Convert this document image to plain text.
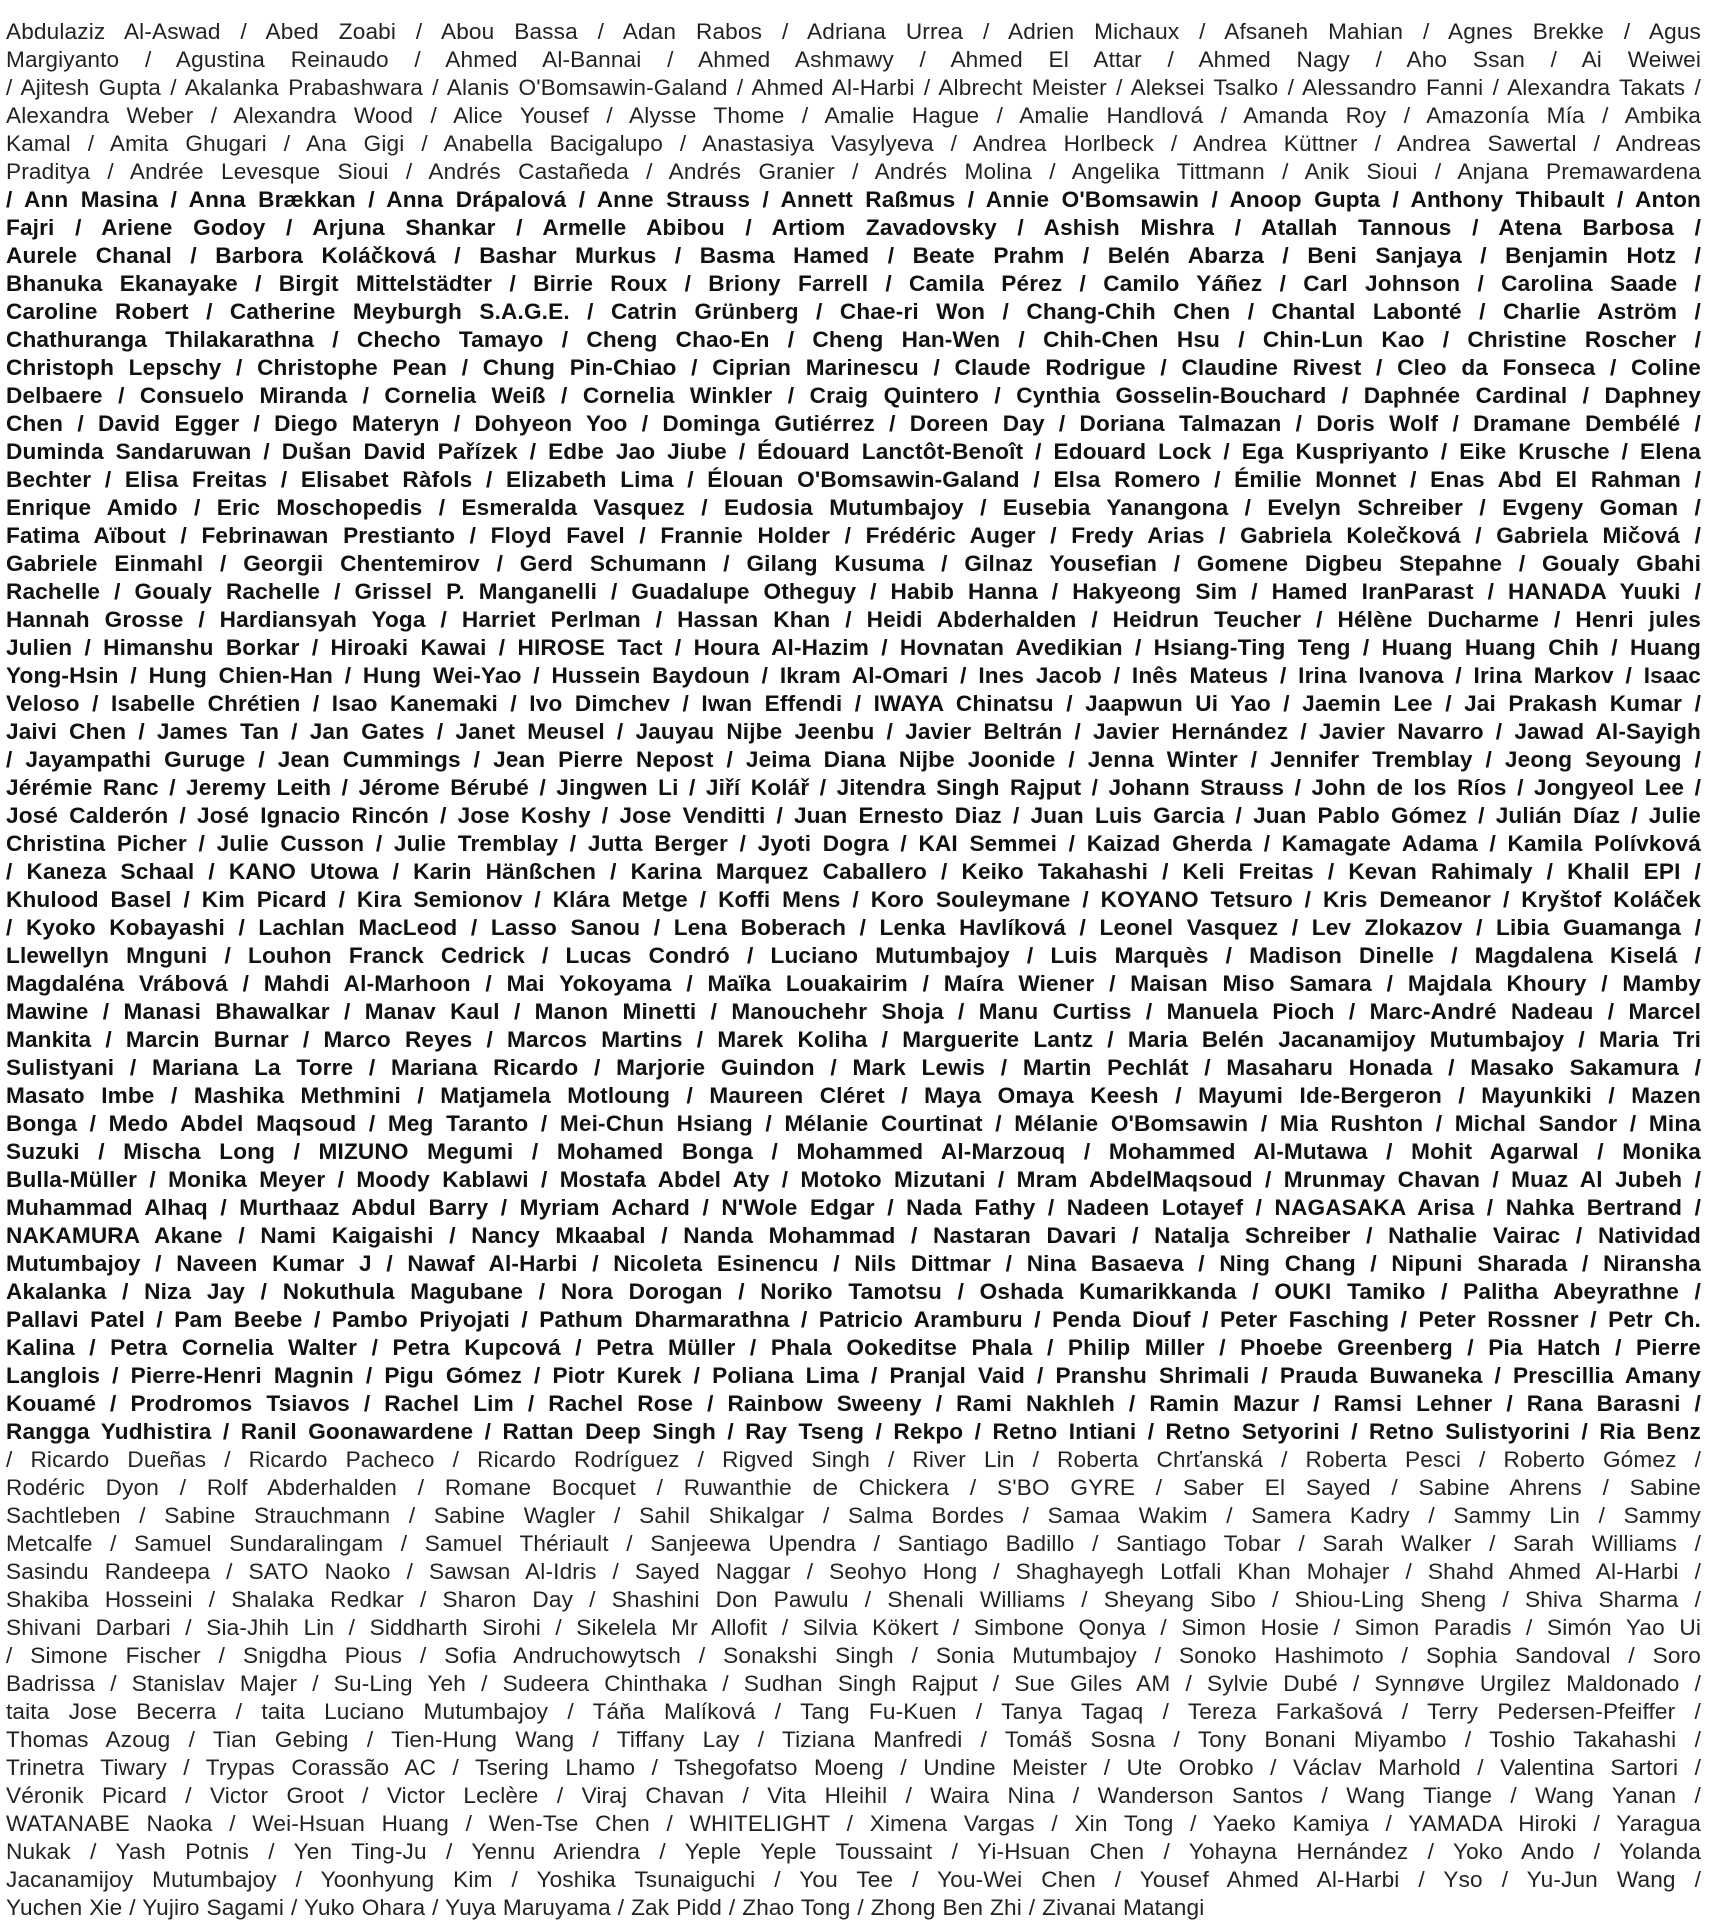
Abdulaziz Al-Aswad / Abed Zoabi / Abou Bassa / Adan Rabos / Adriana Urrea / Adrien Michaux / Afsaneh Mahian / Agnes Brekke / Agus
Margiyanto / Agustina Reinaudo / Ahmed Al-Bannai / Ahmed Ashmawy / Ahmed El Attar / Ahmed Nagy / Aho Ssan / Ai Weiwei
/ Ajitesh Gupta / Akalanka Prabashwara / Alanis O'Bomsawin-Galand / Ahmed Al-Harbi / Albrecht Meister / Aleksei Tsalko / Alessandro Fanni / Alexandra Takats /
Alexandra Weber / Alexandra Wood / Alice Yousef / Alysse Thome / Amalie Hague / Amalie Handlová / Amanda Roy / Amazonía Mía / Ambika
Kamal / Amita Ghugari / Ana Gigi / Anabella Bacigalupo / Anastasiya Vasylyeva / Andrea Horlbeck / Andrea Küttner / Andrea Sawertal / Andreas
Praditya / Andrée Levesque Sioui / Andrés Castañeda / Andrés Granier / Andrés Molina / Angelika Tittmann / Anik Sioui / Anjana Premawardena
/ Ann Masina / Anna Brækkan / Anna Drápalová / Anne Strauss / Annett Raßmus / Annie O'Bomsawin / Anoop Gupta / Anthony Thibault / Anton
Fajri / Ariene Godoy / Arjuna Shankar / Armelle Abibou / Artiom Zavadovsky / Ashish Mishra / Atallah Tannous / Atena Barbosa /
Aurele Chanal / Barbora Koláčková / Bashar Murkus / Basma Hamed / Beate Prahm / Belén Abarza / Beni Sanjaya / Benjamin Hotz /
Bhanuka Ekanayake / Birgit Mittelstädter / Birrie Roux / Briony Farrell / Camila Pérez / Camilo Yáñez / Carl Johnson / Carolina Saade /
Caroline Robert / Catherine Meyburgh S.A.G.E. / Catrin Grünberg / Chae-ri Won / Chang-Chih Chen / Chantal Labonté / Charlie Aström /
Chathuranga Thilakarathna / Checho Tamayo / Cheng Chao-En / Cheng Han-Wen / Chih-Chen Hsu / Chin-Lun Kao / Christine Roscher /
Christoph Lepschy / Christophe Pean / Chung Pin-Chiao / Ciprian Marinescu / Claude Rodrigue / Claudine Rivest / Cleo da Fonseca / Coline
Delbaere / Consuelo Miranda / Cornelia Weiß / Cornelia Winkler / Craig Quintero / Cynthia Gosselin-Bouchard / Daphnée Cardinal / Daphney
Chen / David Egger / Diego Materyn / Dohyeon Yoo / Dominga Gutiérrez / Doreen Day / Doriana Talmazan / Doris Wolf / Dramane Dembélé /
Duminda Sandaruwan / Dušan David Pařízek / Edbe Jao Jiube / Édouard Lanctôt-Benoît / Edouard Lock / Ega Kuspriyanto / Eike Krusche / Elena
Bechter / Elisa Freitas / Elisabet Ràfols / Elizabeth Lima / Élouan O'Bomsawin-Galand / Elsa Romero / Émilie Monnet / Enas Abd El Rahman /
Enrique Amido / Eric Moschopedis / Esmeralda Vasquez / Eudosia Mutumbajoy / Eusebia Yanangona / Evelyn Schreiber / Evgeny Goman /
Fatima Aïbout / Febrinawan Prestianto / Floyd Favel / Frannie Holder / Frédéric Auger / Fredy Arias / Gabriela Kolečková / Gabriela Mičová /
Gabriele Einmahl / Georgii Chentemirov / Gerd Schumann / Gilang Kusuma / Gilnaz Yousefian / Gomene Digbeu Stepahne / Goualy Gbahi
Rachelle / Goualy Rachelle / Grissel P. Manganelli / Guadalupe Otheguy / Habib Hanna / Hakyeong Sim / Hamed IranParast / HANADA Yuuki /
Hannah Grosse / Hardiansyah Yoga / Harriet Perlman / Hassan Khan / Heidi Abderhalden / Heidrun Teucher / Hélène Ducharme / Henri jules
Julien / Himanshu Borkar / Hiroaki Kawai / HIROSE Tact / Houra Al-Hazim / Hovnatan Avedikian / Hsiang-Ting Teng / Huang Huang Chih / Huang
Yong-Hsin / Hung Chien-Han / Hung Wei-Yao / Hussein Baydoun / Ikram Al-Omari / Ines Jacob / Inês Mateus / Irina Ivanova / Irina Markov / Isaac
Veloso / Isabelle Chrétien / Isao Kanemaki / Ivo Dimchev / Iwan Effendi / IWAYA Chinatsu / Jaapwun Ui Yao / Jaemin Lee / Jai Prakash Kumar /
Jaivi Chen / James Tan / Jan Gates / Janet Meusel / Jauyau Nijbe Jeenbu / Javier Beltrán / Javier Hernández / Javier Navarro / Jawad Al-Sayigh
/ Jayampathi Guruge / Jean Cummings / Jean Pierre Nepost / Jeima Diana Nijbe Joonide / Jenna Winter / Jennifer Tremblay / Jeong Seyoung /
Jérémie Ranc / Jeremy Leith / Jérome Bérubé / Jingwen Li / Jiří Kolář / Jitendra Singh Rajput / Johann Strauss / John de los Ríos / Jongyeol Lee /
José Calderón / José Ignacio Rincón / Jose Koshy / Jose Venditti / Juan Ernesto Diaz / Juan Luis Garcia / Juan Pablo Gómez / Julián Díaz / Julie
Christina Picher / Julie Cusson / Julie Tremblay / Jutta Berger / Jyoti Dogra / KAI Semmei / Kaizad Gherda / Kamagate Adama / Kamila Polívková
/ Kaneza Schaal / KANO Utowa / Karin Hänßchen / Karina Marquez Caballero / Keiko Takahashi / Keli Freitas / Kevan Rahimaly / Khalil EPI /
Khulood Basel / Kim Picard / Kira Semionov / Klára Metge / Koffi Mens / Koro Souleymane / KOYANO Tetsuro / Kris Demeanor / Kryštof Koláček
/ Kyoko Kobayashi / Lachlan MacLeod / Lasso Sanou / Lena Boberach / Lenka Havlíková / Leonel Vasquez / Lev Zlokazov / Libia Guamanga /
Llewellyn Mnguni / Louhon Franck Cedrick / Lucas Condró / Luciano Mutumbajoy / Luis Marquès / Madison Dinelle / Magdalena Kiselá /
Magdaléna Vrábová / Mahdi Al-Marhoon / Mai Yokoyama / Maïka Louakairim / Maíra Wiener / Maisan Miso Samara / Majdala Khoury / Mamby
Mawine / Manasi Bhawalkar / Manav Kaul / Manon Minetti / Manouchehr Shoja / Manu Curtiss / Manuela Pioch / Marc-André Nadeau / Marcel
Mankita / Marcin Burnar / Marco Reyes / Marcos Martins / Marek Koliha / Marguerite Lantz / Maria Belén Jacanamijoy Mutumbajoy / Maria Tri
Sulistyani / Mariana La Torre / Mariana Ricardo / Marjorie Guindon / Mark Lewis / Martin Pechlát / Masaharu Honada / Masako Sakamura /
Masato Imbe / Mashika Methmini / Matjamela Motloung / Maureen Cléret / Maya Omaya Keesh / Mayumi Ide-Bergeron / Mayunkiki / Mazen
Bonga / Medo Abdel Maqsoud / Meg Taranto / Mei-Chun Hsiang / Mélanie Courtinat / Mélanie O'Bomsawin / Mia Rushton / Michal Sandor / Mina
Suzuki / Mischa Long / MIZUNO Megumi / Mohamed Bonga / Mohammed Al-Marzouq / Mohammed Al-Mutawa / Mohit Agarwal / Monika
Bulla-Müller / Monika Meyer / Moody Kablawi / Mostafa Abdel Aty / Motoko Mizutani / Mram AbdelMaqsoud / Mrunmay Chavan / Muaz Al Jubeh /
Muhammad Alhaq / Murthaaz Abdul Barry / Myriam Achard / N'Wole Edgar / Nada Fathy / Nadeen Lotayef / NAGASAKA Arisa / Nahka Bertrand /
NAKAMURA Akane / Nami Kaigaishi / Nancy Mkaabal / Nanda Mohammad / Nastaran Davari / Natalja Schreiber / Nathalie Vairac / Natividad
Mutumbajoy / Naveen Kumar J / Nawaf Al-Harbi / Nicoleta Esinencu / Nils Dittmar / Nina Basaeva / Ning Chang / Nipuni Sharada / Niranshа
Akalanka / Niza Jay / Nokuthula Magubane / Nora Dorogan / Noriko Tamotsu / Oshada Kumarikkanda / OUKI Tamiko / Palitha Abeyrathne /
Pallavi Patel / Pam Beebe / Pambo Priyojati / Pathum Dharmarathna / Patricio Aramburu / Penda Diouf / Peter Fasching / Peter Rossner / Petr Ch.
Kalina / Petra Cornelia Walter / Petra Kupcová / Petra Müller / Phala Ookeditse Phala / Philip Miller / Phoebe Greenberg / Pia Hatch / Pierre
Langlois / Pierre-Henri Magnin / Pigu Gómez / Piotr Kurek / Poliana Lima / Pranjal Vaid / Pranshu Shrimali / Prauda Buwaneka / Prescillia Amany
Kouamé / Prodromos Tsiavos / Rachel Lim / Rachel Rose / Rainbow Sweeny / Rami Nakhleh / Ramin Mazur / Ramsi Lehner / Rana Barasni /
Rangga Yudhistira / Ranil Goonawardene / Rattan Deep Singh / Ray Tseng / Rekpo / Retno Intiani / Retno Setyorini / Retno Sulistyorini / Ria Benz
/ Ricardo Dueñas / Ricardo Pacheco / Ricardo Rodríguez / Rigved Singh / River Lin / Roberta Chrťanská / Roberta Pesci / Roberto Gómez /
Rodéric Dyon / Rolf Abderhalden / Romane Bocquet / Ruwanthie de Chickera / S'BO GYRE / Saber El Sayed / Sabine Ahrens / Sabine
Sachtleben / Sabine Strauchmann / Sabine Wagler / Sahil Shikalgar / Salma Bordes / Samaa Wakim / Samera Kadry / Sammy Lin / Sammy
Metcalfe / Samuel Sundaralingam / Samuel Thériault / Sanjeewa Upendra / Santiago Badillo / Santiago Tobar / Sarah Walker / Sarah Williams /
Sasindu Randeepa / SATO Naoko / Sawsan Al-Idris / Sayed Naggar / Seohyo Hong / Shaghayegh Lotfali Khan Mohajer / Shahd Ahmed Al-Harbi /
Shakiba Hosseini / Shalaka Redkar / Sharon Day / Shashini Don Pawulu / Shenali Williams / Sheyang Sibo / Shiou-Ling Sheng / Shiva Sharma /
Shivani Darbari / Sia-Jhih Lin / Siddharth Sirohi / Sikelela Mr Allofit / Silvia Kökert / Simbone Qonya / Simon Hosie / Simon Paradis / Simón Yao Ui
/ Simone Fischer / Snigdha Pious / Sofia Andruchowytsch / Sonakshi Singh / Sonia Mutumbajoy / Sonoko Hashimoto / Sophia Sandoval / Soro
Badrissa / Stanislav Majer / Su-Ling Yeh / Sudeera Chinthaka / Sudhan Singh Rajput / Sue Giles AM / Sylvie Dubé / Synnøve Urgilez Maldonado /
taita Jose Becerra / taita Luciano Mutumbajoy / Táňa Malíková / Tang Fu-Kuen / Tanya Tagaq / Tereza Farkašová / Terry Pedersen-Pfeiffer /
Thomas Azoug / Tian Gebing / Tien-Hung Wang / Tiffany Lay / Tiziana Manfredi / Tomáš Sosna / Tony Bonani Miyambo / Toshio Takahashi /
Trinetra Tiwary / Trypas Corassão AC / Tsering Lhamo / Tshegofatso Moeng / Undine Meister / Ute Orobko / Václav Marhold / Valentina Sartori /
Véronik Picard / Victor Groot / Victor Leclère / Viraj Chavan / Vita Hleihil / Waira Nina / Wanderson Santos / Wang Tiange / Wang Yanan /
WATANABE Naoka / Wei-Hsuan Huang / Wen-Tse Chen / WHITELIGHT / Ximena Vargas / Xin Tong / Yaeko Kamiya / YAMADA Hiroki / Yaragua
Nukak / Yash Potnis / Yen Ting-Ju / Yennu Ariendra / Yeple Yeple Toussaint / Yi-Hsuan Chen / Yohayna Hernández / Yoko Ando / Yolanda
Jacanamijoy Mutumbajoy / Yoonhyung Kim / Yoshika Tsunaiguchi / You Tee / You-Wei Chen / Yousef Ahmed Al-Harbi / Yso / Yu-Jun Wang /
Yuchen Xie / Yujiro Sagami / Yuko Ohara / Yuya Maruyama / Zak Pidd / Zhao Tong / Zhong Ben Zhi / Zivanai Matangi
